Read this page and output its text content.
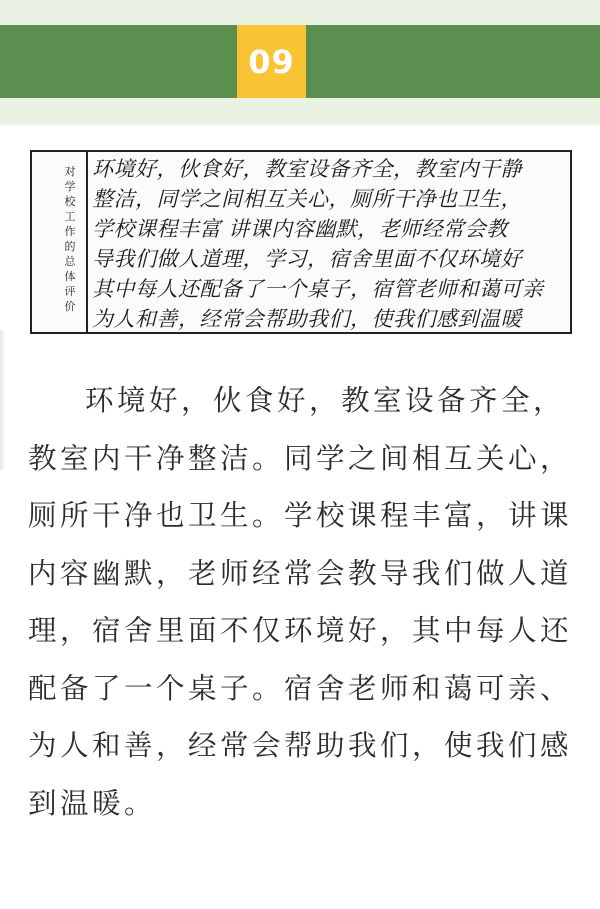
09
对学校工作的总体评价
环境好，伙食好，教室设备齐全，教室内干静
整洁，同学之间相互关心，厕所干净也卫生，
学校课程丰富 讲课内容幽默，老师经常会教
导我们做人道理，学习，宿舍里面不仅环境好
其中每人还配备了一个桌子，宿管老师和蔼可亲
为人和善，经常会帮助我们，使我们感到温暖

环境好，伙食好，教室设备齐全，教室内干净整洁。同学之间相互关心，厕所干净也卫生。学校课程丰富，讲课内容幽默，老师经常会教导我们做人道理，宿舍里面不仅环境好，其中每人还配备了一个桌子。宿舍老师和蔼可亲、为人和善，经常会帮助我们，使我们感到温暖。
